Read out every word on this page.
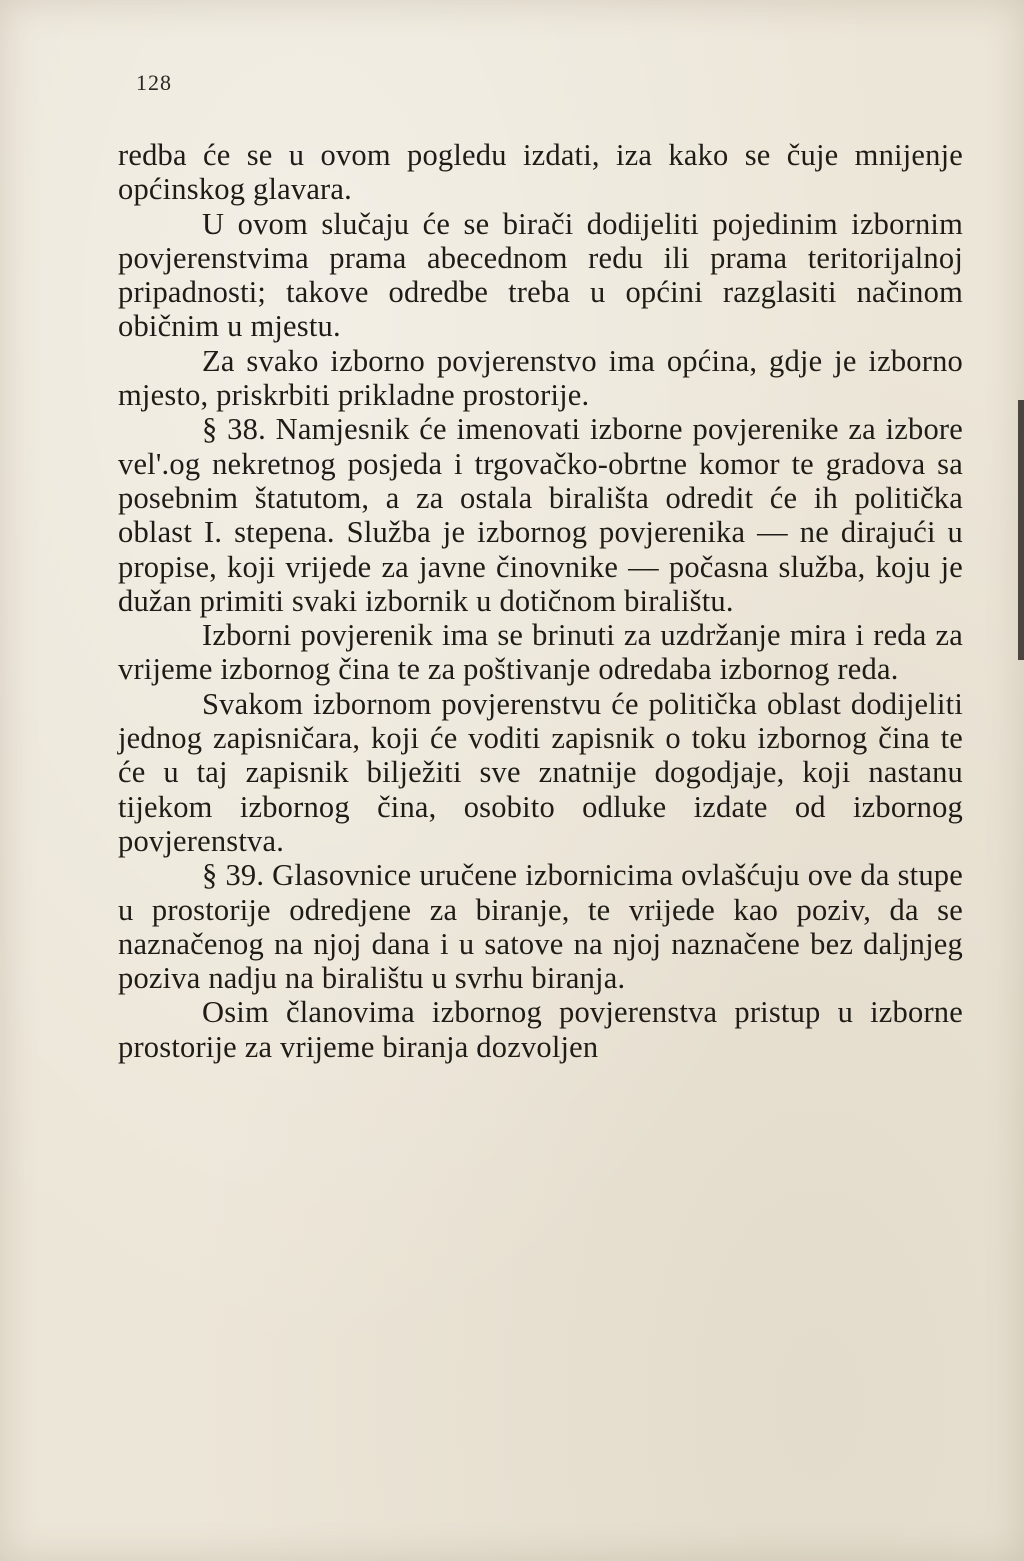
128

redba će se u ovom pogledu izdati, iza kako se čuje mnijenje općinskog glavara.

U ovom slučaju će se birači dodijeliti pojedinim izbornim povjerenstvima prama abecednom redu ili prama teritorijalnoj pripadnosti; takove odredbe treba u općini razglasiti načinom običnim u mjestu.

Za svako izborno povjerenstvo ima općina, gdje je izborno mjesto, priskrbiti prikladne prostorije.

§ 38. Namjesnik će imenovati izborne povjerenike za izbore vel'.og nekretnog posjeda i trgovačko-obrtne komor te gradova sa posebnim štatutom, a za ostala birališta odredit će ih politička oblast I. stepena. Služba je izbornog povjerenika — ne dirajući u propise, koji vrijede za javne činovnike — počasna služba, koju je dužan primiti svaki izbornik u dotičnom biralištu.

Izborni povjerenik ima se brinuti za uzdržanje mira i reda za vrijeme izbornog čina te za poštivanje odredaba izbornog reda.

Svakom izbornom povjerenstvu će politička oblast dodijeliti jednog zapisničara, koji će voditi zapisnik o toku izbornog čina te će u taj zapisnik bilježiti sve znatnije dogodjaje, koji nastanu tijekom izbornog čina, osobito odluke izdate od izbornog povjerenstva.

§ 39. Glasovnice uručene izbornicima ovlašćuju ove da stupe u prostorije odredjene za biranje, te vrijede kao poziv, da se naznačenog na njoj dana i u satove na njoj naznačene bez daljnjeg poziva nadju na biralištu u svrhu biranja.

Osim članovima izbornog povjerenstva pristup u izborne prostorije za vrijeme biranja dozvoljen
